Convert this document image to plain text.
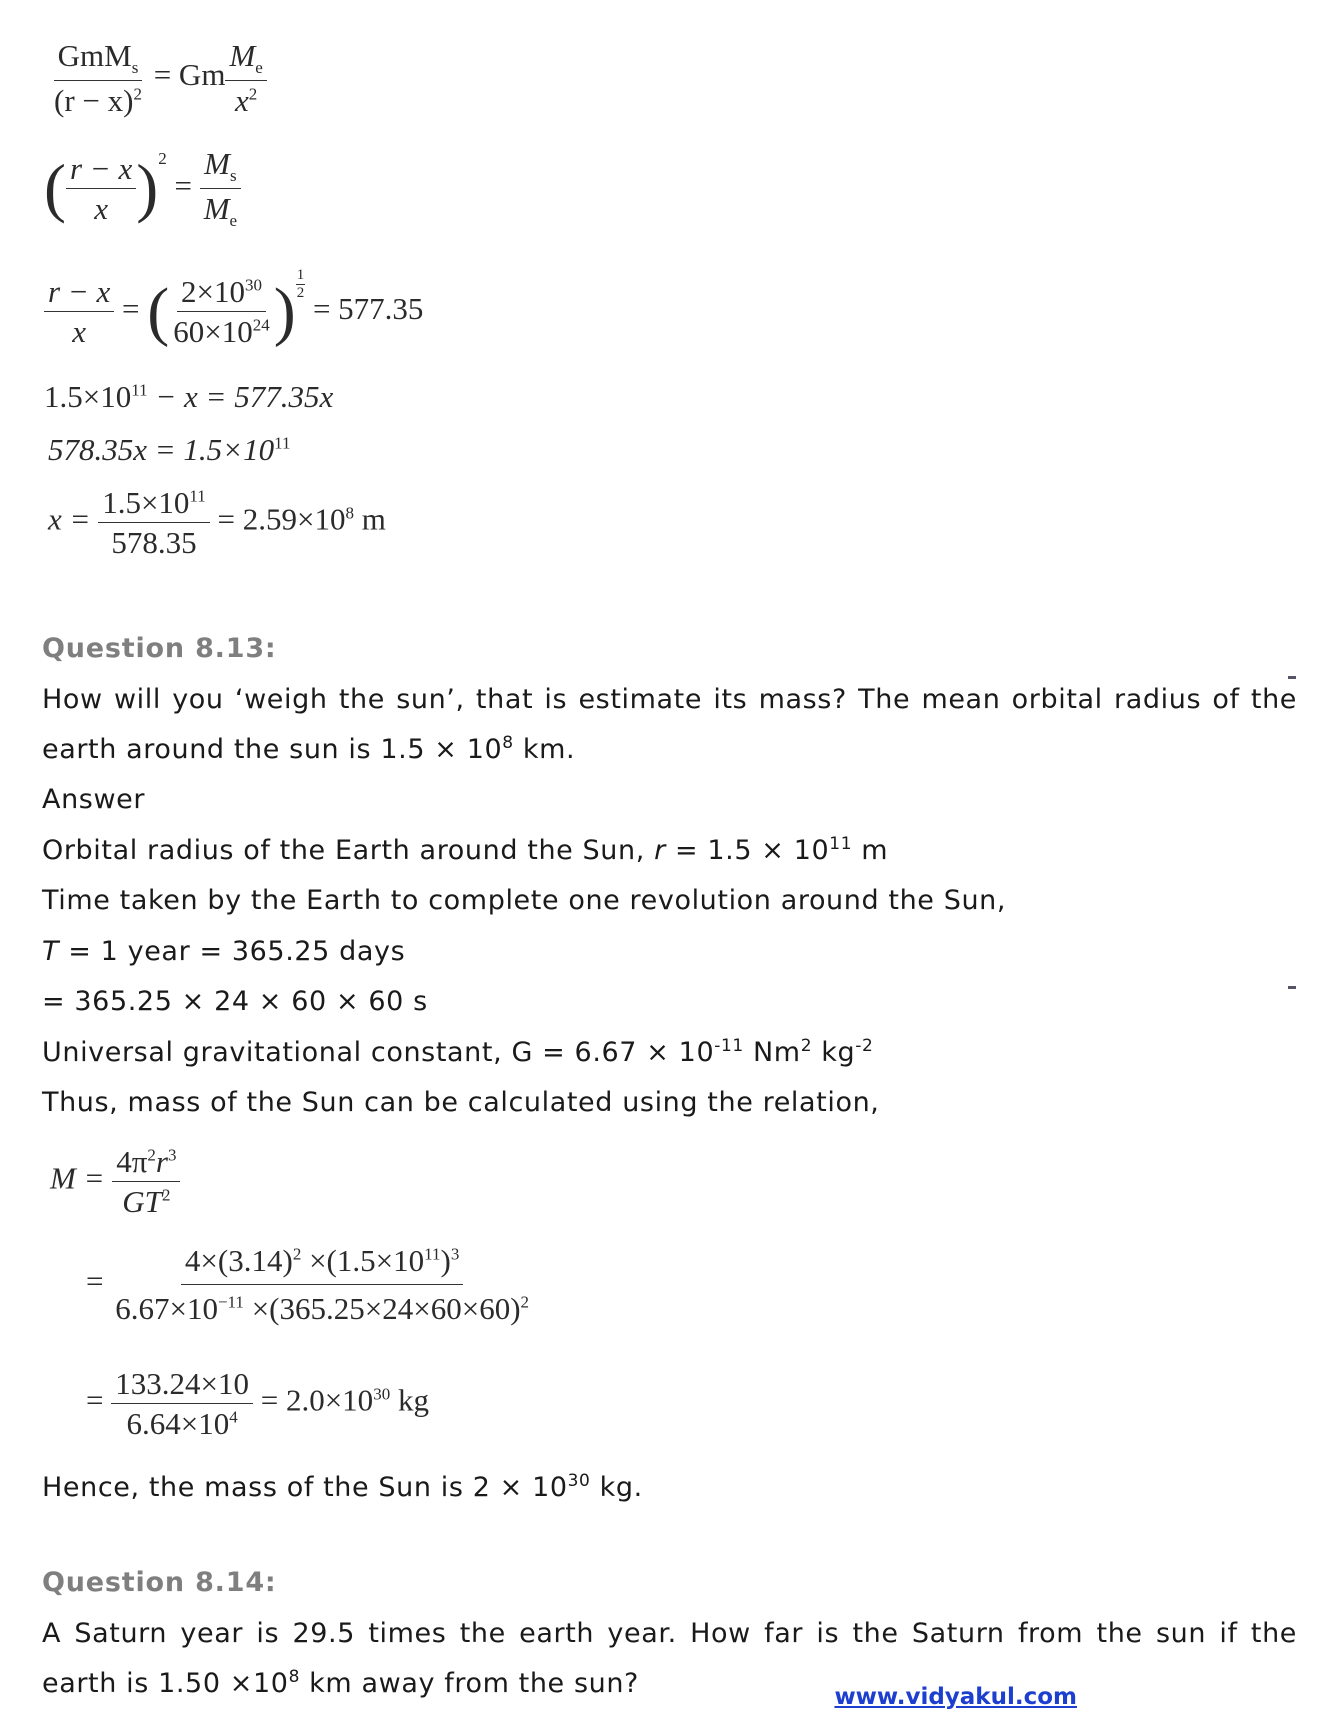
$\frac{GmM_s}{(r - x)^2} = Gm \frac{M_e}{x^2}$
( $\frac{r - x}{x} )^2 = \frac{M_s}{M_e}$
$\frac{r - x}{x}$ = ( $\frac{2\times 10^{30}}{60\times 10^{24}}$ ) $\frac{1}{2}$
= 577.35
$1.5\times 10^{11} - x = 577.35x$
$578.35x = 1.5\times 10^{11}$
$x = \frac{1.5\times 10^{11}}{578.35} = 2.59\times 10^8$ m
Question 8.13:
How will you ‘weigh the sun’, that is estimate its mass? The mean orbital radius of the
earth around the sun is $1.5 \times 10^8$ km.
Answer
Orbital radius of the Earth around the Sun, $r = 1.5 \times 10^{11}$ m
Time taken by the Earth to complete one revolution around the Sun,
T = 1 year = 365.25 days
= 365.25 × 24 × 60 × 60 s
Universal gravitational constant, $G = 6.67 \times 10^{-11}$ Nm$^2$ $kg^{-2}$
Thus, mass of the Sun can be calculated using the relation,
$M = \frac{4\pi^2r^3}{GT^2}$
= $\frac{4\times(3.14)^2 \times(1.5\times 10^{11})^3}{6.67\times 10^{-11} \times(365.25\times 24\times 60\times 60)^2}$
= $\frac{133.24\times 10}{6.64\times 10^4} = 2.0\times 10^{30}$ kg
Hence, the mass of the Sun is $2 \times 10^{30}$ kg.
Question 8.14:
A Saturn year is 29.5 times the earth year. How far is the Saturn from the sun if the
earth is $1.50 \times 10^8$ km away from the sun?	www.vidyakul.com
